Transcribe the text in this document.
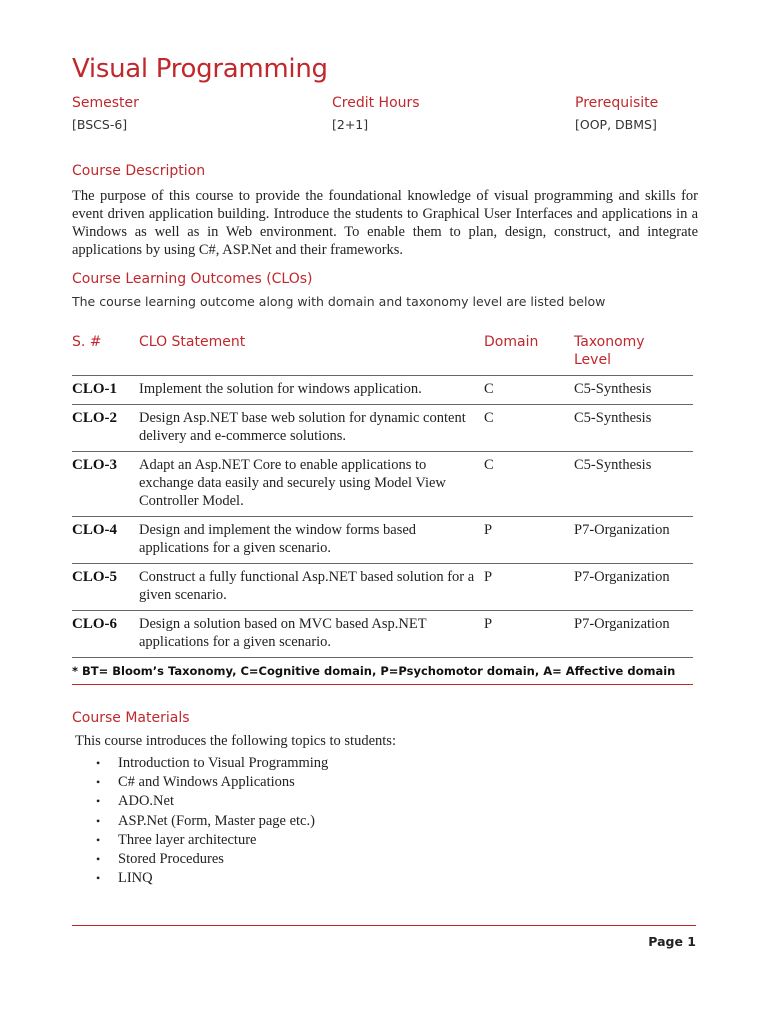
Visual Programming
Semester
[BSCS-6]
Credit Hours
[2+1]
Prerequisite
[OOP, DBMS]
Course Description
The purpose of this course to provide the foundational knowledge of visual programming and skills for event driven application building. Introduce the students to Graphical User Interfaces and applications in a Windows as well as in Web environment. To enable them to plan, design, construct, and integrate applications by using C#, ASP.Net and their frameworks.
Course Learning Outcomes (CLOs)
The course learning outcome along with domain and taxonomy level are listed below
S. #	CLO Statement	Domain	Taxonomy Level
CLO-1	Implement the solution for windows application.	C	C5-Synthesis
CLO-2	Design Asp.NET base web solution for dynamic content delivery and e-commerce solutions.	C	C5-Synthesis
CLO-3	Adapt an Asp.NET Core to enable applications to exchange data easily and securely using Model View Controller Model.	C	C5-Synthesis
CLO-4	Design and implement the window forms based applications for a given scenario.	P	P7-Organization
CLO-5	Construct a fully functional Asp.NET based solution for a given scenario.	P	P7-Organization
CLO-6	Design a solution based on MVC based Asp.NET applications for a given scenario.	P	P7-Organization
* BT= Bloom’s Taxonomy, C=Cognitive domain, P=Psychomotor domain, A= Affective domain			
Course Materials
This course introduces the following topics to students:
• Introduction to Visual Programming
• C# and Windows Applications
• ADO.Net
• ASP.Net (Form, Master page etc.)
• Three layer architecture
• Stored Procedures
• LINQ
Page 1
